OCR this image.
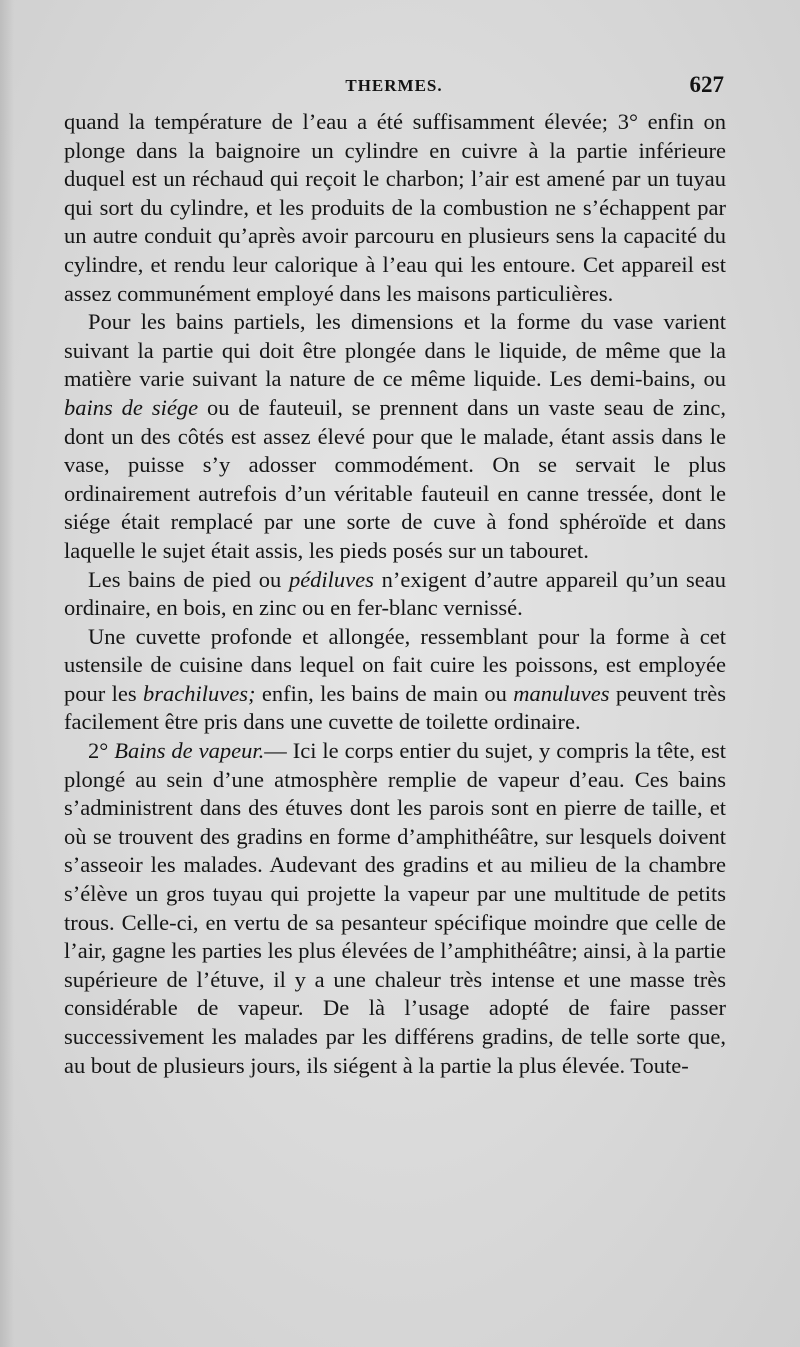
THERMES.	627

quand la température de l’eau a été suffisamment élevée; 3° enfin on plonge dans la baignoire un cylindre en cuivre à la partie inférieure duquel est un réchaud qui reçoit le charbon; l’air est amené par un tuyau qui sort du cylindre, et les produits de la combustion ne s’échappent par un autre conduit qu’après avoir parcouru en plusieurs sens la capacité du cylindre, et rendu leur calorique à l’eau qui les entoure. Cet appareil est assez communément employé dans les maisons particulières.

Pour les bains partiels, les dimensions et la forme du vase varient suivant la partie qui doit être plongée dans le liquide, de même que la matière varie suivant la nature de ce même liquide. Les demi-bains, ou bains de siége ou de fauteuil, se prennent dans un vaste seau de zinc, dont un des côtés est assez élevé pour que le malade, étant assis dans le vase, puisse s’y adosser commodément. On se servait le plus ordinairement autrefois d’un véritable fauteuil en canne tressée, dont le siége était remplacé par une sorte de cuve à fond sphéroïde et dans laquelle le sujet était assis, les pieds posés sur un tabouret.

Les bains de pied ou pédiluves n’exigent d’autre appareil qu’un seau ordinaire, en bois, en zinc ou en fer-blanc vernissé.

Une cuvette profonde et allongée, ressemblant pour la forme à cet ustensile de cuisine dans lequel on fait cuire les poissons, est employée pour les brachiluves; enfin, les bains de main ou manuluves peuvent très facilement être pris dans une cuvette de toilette ordinaire.

2° Bains de vapeur.— Ici le corps entier du sujet, y compris la tête, est plongé au sein d’une atmosphère remplie de vapeur d’eau. Ces bains s’administrent dans des étuves dont les parois sont en pierre de taille, et où se trouvent des gradins en forme d’amphithéâtre, sur lesquels doivent s’asseoir les malades. Audevant des gradins et au milieu de la chambre s’élève un gros tuyau qui projette la vapeur par une multitude de petits trous. Celle-ci, en vertu de sa pesanteur spécifique moindre que celle de l’air, gagne les parties les plus élevées de l’amphithéâtre; ainsi, à la partie supérieure de l’étuve, il y a une chaleur très intense et une masse très considérable de vapeur. De là l’usage adopté de faire passer successivement les malades par les différens gradins, de telle sorte que, au bout de plusieurs jours, ils siégent à la partie la plus élevée. Toute-
